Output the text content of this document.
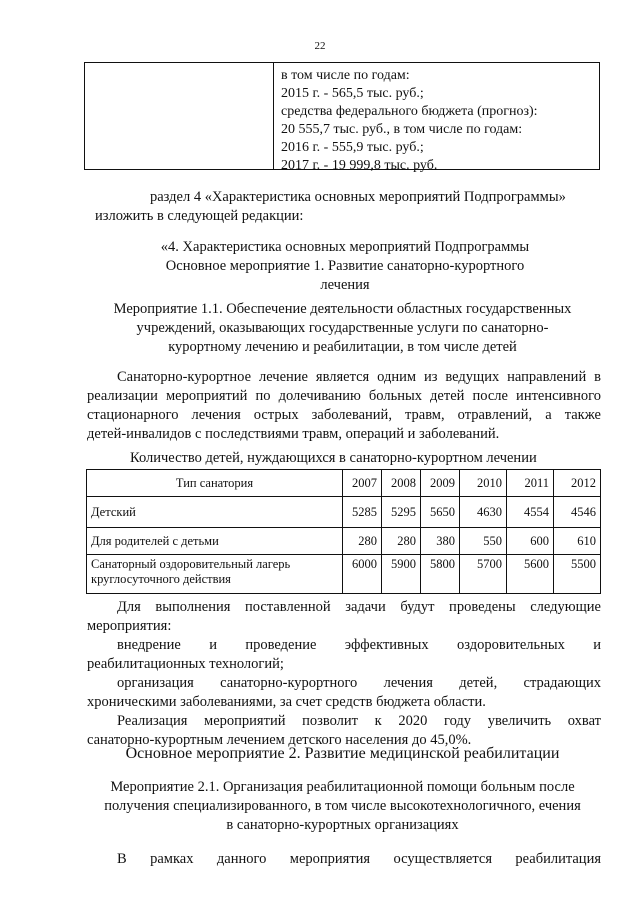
22
в том числе по годам:
2015 г. - 565,5 тыс. руб.;
средства федерального бюджета (прогноз):
20 555,7 тыс. руб., в том числе по годам:
2016 г. - 555,9 тыс. руб.;
2017 г. - 19 999,8 тыс. руб.
раздел 4 «Характеристика основных мероприятий Подпрограммы»
изложить в следующей редакции:
«4. Характеристика основных мероприятий Подпрограммы
Основное мероприятие 1. Развитие санаторно-курортного
лечения
Мероприятие 1.1. Обеспечение деятельности областных государственных
учреждений, оказывающих государственные услуги по санаторно-
курортному лечению и реабилитации, в том числе детей
Санаторно-курортное лечение является одним из ведущих направлений в
реализации мероприятий по долечиванию больных детей после интенсивного
стационарного лечения острых заболеваний, травм, отравлений, а также
детей-инвалидов с последствиями травм, операций и заболеваний.
Количество детей, нуждающихся в санаторно-курортном лечении
Тип санатория	2007	2008	2009	2010	2011	2012
Детский	5285	5295	5650	4630	4554	4546
Для родителей с детьми	280	280	380	550	600	610
Санаторный оздоровительный лагерь круглосуточного действия	6000	5900	5800	5700	5600	5500
Для выполнения поставленной задачи будут проведены следующие
мероприятия:
внедрение и проведение эффективных оздоровительных и
реабилитационных технологий;
организация санаторно-курортного лечения детей, страдающих
хроническими заболеваниями, за счет средств бюджета области.
Реализация мероприятий позволит к 2020 году увеличить охват
санаторно-курортным лечением детского населения до 45,0%.
Основное мероприятие 2. Развитие медицинской реабилитации
Мероприятие 2.1. Организация реабилитационной помощи больным после
получения специализированного, в том числе высокотехнологичного, ечения
в санаторно-курортных организациях
В рамках данного мероприятия осуществляется реабилитация
